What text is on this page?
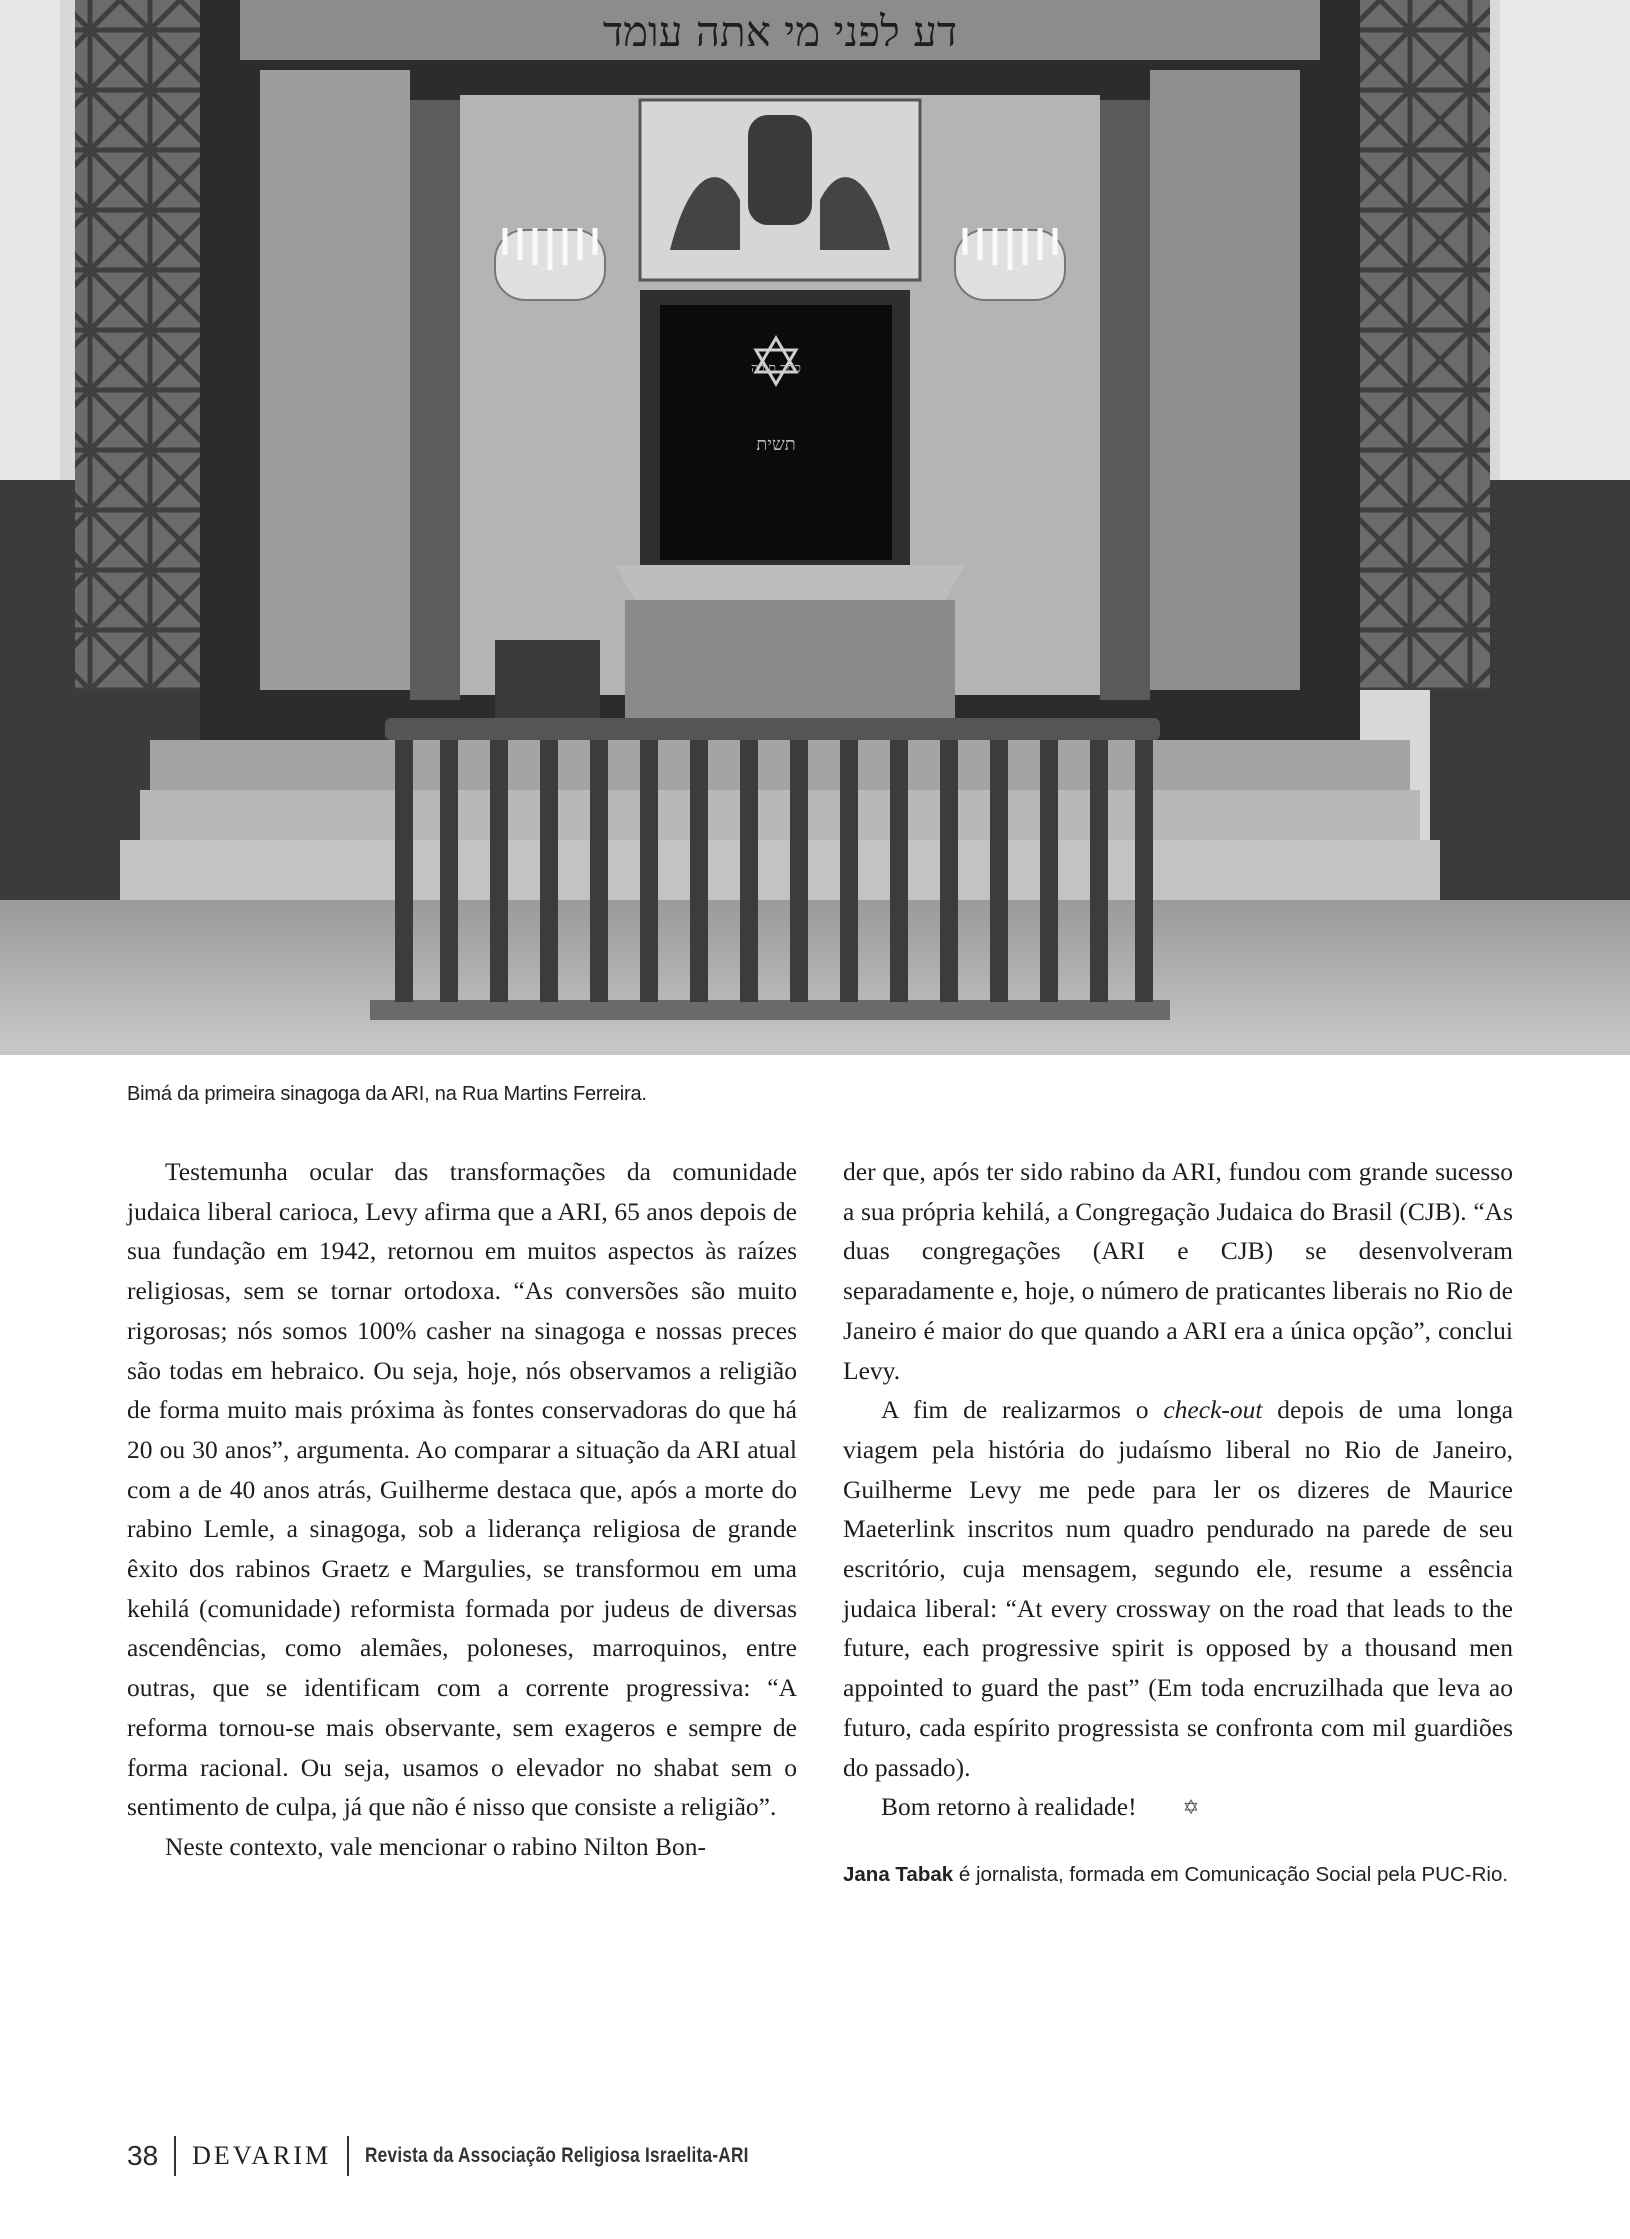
דע לפני מי אתה עומד
תשית
כתר תורה
Bimá da primeira sinagoga da ARI, na Rua Martins Ferreira.

Testemunha ocular das transformações da comunidade judaica liberal carioca, Levy afirma que a ARI, 65 anos depois de sua fundação em 1942, retornou em muitos aspectos às raízes religiosas, sem se tornar ortodoxa. “As conversões são muito rigorosas; nós somos 100% casher na sinagoga e nossas preces são todas em hebraico. Ou seja, hoje, nós observamos a religião de forma muito mais próxima às fontes conservadoras do que há 20 ou 30 anos”, argumenta. Ao comparar a situação da ARI atual com a de 40 anos atrás, Guilherme destaca que, após a morte do rabino Lemle, a sinagoga, sob a liderança religiosa de grande êxito dos rabinos Graetz e Margulies, se transformou em uma kehilá (comunidade) reformista formada por judeus de diversas ascendências, como alemães, poloneses, marroquinos, entre outras, que se identificam com a corrente progressiva: “A reforma tornou-se mais observante, sem exageros e sempre de forma racional. Ou seja, usamos o elevador no shabat sem o sentimento de culpa, já que não é nisso que consiste a religião”.

Neste contexto, vale mencionar o rabino Nilton Bon-

der que, após ter sido rabino da ARI, fundou com grande sucesso a sua própria kehilá, a Congregação Judaica do Brasil (CJB). “As duas congregações (ARI e CJB) se desenvolveram separadamente e, hoje, o número de praticantes liberais no Rio de Janeiro é maior do que quando a ARI era a única opção”, conclui Levy.

A fim de realizarmos o check-out depois de uma longa viagem pela história do judaísmo liberal no Rio de Janeiro, Guilherme Levy me pede para ler os dizeres de Maurice Maeterlink inscritos num quadro pendurado na parede de seu escritório, cuja mensagem, segundo ele, resume a essência judaica liberal: “At every crossway on the road that leads to the future, each progressive spirit is opposed by a thousand men appointed to guard the past” (Em toda encruzilhada que leva ao futuro, cada espírito progressista se confronta com mil guardiões do passado).

Bom retorno à realidade! ✡

Jana Tabak é jornalista, formada em Comunicação Social pela PUC-Rio.
38 DEVARIM Revista da Associação Religiosa Israelita-ARI
